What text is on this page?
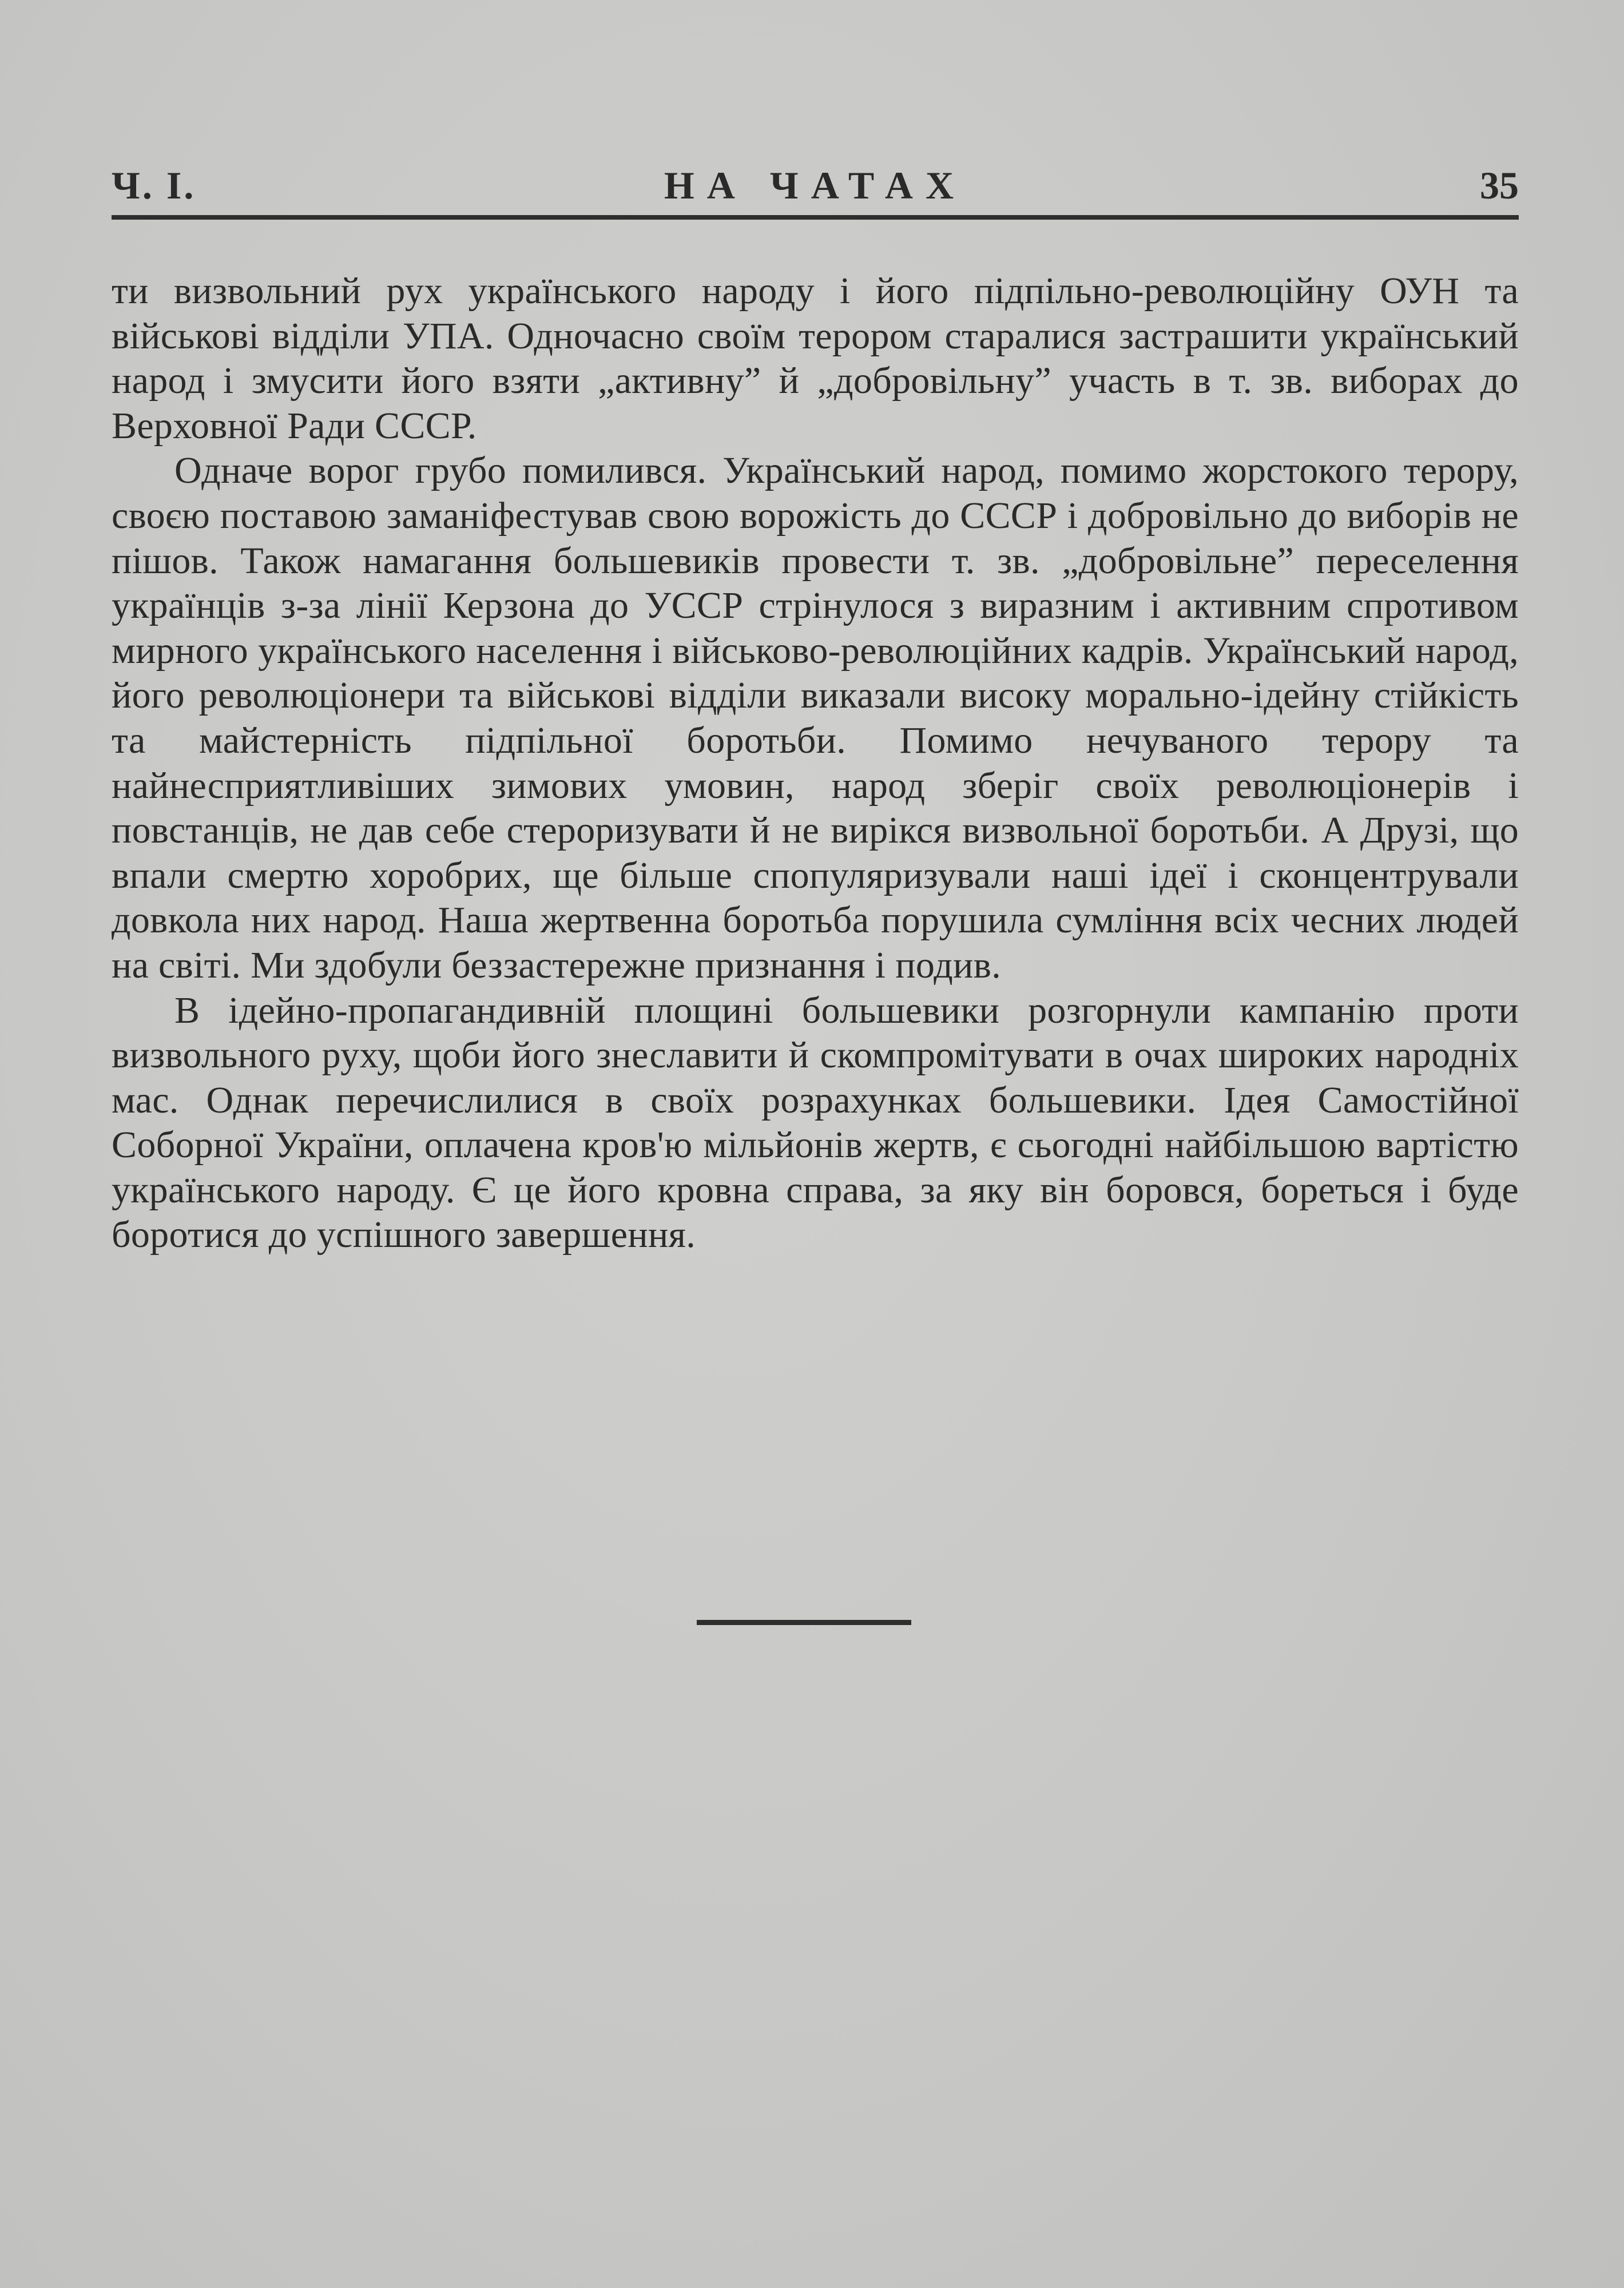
Ч. I.	НА ЧАТАХ	35

ти визвольний рух українського народу і його підпільно-революційну ОУН та військові відділи УПА. Одночасно своїм терором старалися застрашити український народ і змусити його взяти „активну” й „добровільну” участь в т. зв. виборах до Верховної Ради СССР.

Одначе ворог грубо помилився. Український народ, помимо жорстокого терору, своєю поставою заманіфестував свою ворожість до СССР і добровільно до виборів не пішов. Також намагання большевиків провести т. зв. „добровільне” переселення українців з-за лінії Керзона до УССР стрінулося з виразним і активним спротивом мирного українського населення і військово-революційних кадрів. Український народ, його революціонери та військові відділи виказали високу морально-ідейну стійкість та майстерність підпільної боротьби. Помимо нечуваного терору та найнесприятливіших зимових умовин, народ зберіг своїх революціонерів і повстанців, не дав себе стероризувати й не вирікся визвольної боротьби. А Друзі, що впали смертю хоробрих, ще більше спопуляризували наші ідеї і сконцентрували довкола них народ. Наша жертвенна боротьба порушила сумління всіх чесних людей на світі. Ми здобули беззастережне признання і подив.

В ідейно-пропагандивній площині большевики розгорнули кампанію проти визвольного руху, щоби його знеславити й скомпромітувати в очах широких народніх мас. Однак перечислилися в своїх розрахунках большевики. Ідея Самостійної Соборної України, оплачена кров'ю мільйонів жертв, є сьогодні найбільшою вартістю українського народу. Є це його кровна справа, за яку він боровся, бореться і буде боротися до успішного завершення.
